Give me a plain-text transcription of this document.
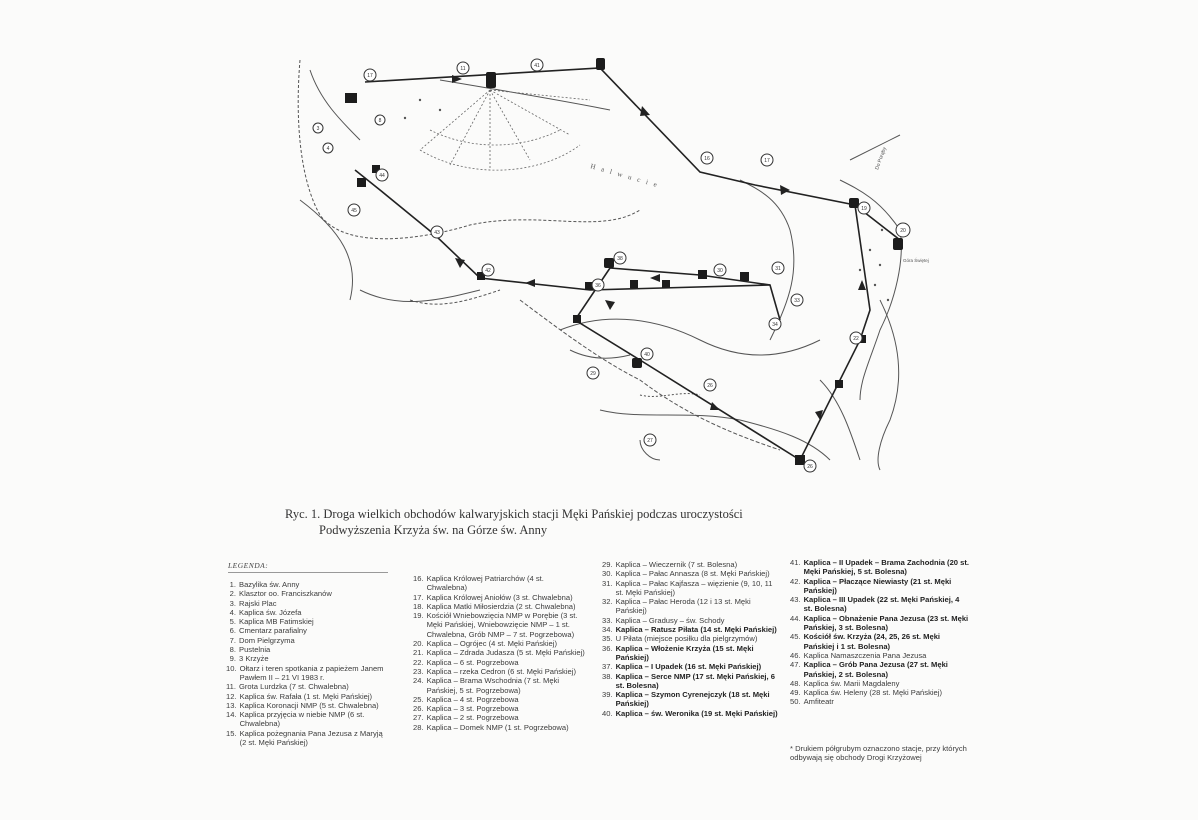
17
11	41
16	17
20
19
22
26
40
26
27
29
33
31
34
38
42
43
44
45
3
4
8
36
30
Halwucie
Do Porąby
Góra Świętej
Ryc. 1. Droga wielkich obchodów kalwaryjskich stacji Męki Pańskiej podczas uroczystości
Podwyższenia Krzyża św. na Górze św. Anny
LEGENDA:
1. Bazylika św. Anny
2. Klasztor oo. Franciszkanów
3. Rajski Plac
4. Kaplica św. Józefa
5. Kaplica MB Fatimskiej
6. Cmentarz parafialny
7. Dom Pielgrzyma
8. Pustelnia
9. 3 Krzyże
10. Ołtarz i teren spotkania z papieżem Janem Pawłem II – 21 VI 1983 r.
11. Grota Lurdzka (7 st. Chwalebna)
12. Kaplica św. Rafała (1 st. Męki Pańskiej)
13. Kaplica Koronacji NMP (5 st. Chwalebna)
14. Kaplica przyjęcia w niebie NMP (6 st. Chwalebna)
15. Kaplica pożegnania Pana Jezusa z Maryją (2 st. Męki Pańskiej)
16. Kaplica Królowej Patriarchów (4 st. Chwalebna)
17. Kaplica Królowej Aniołów (3 st. Chwalebna)
18. Kaplica Matki Miłosierdzia (2 st. Chwalebna)
19. Kościół Wniebowzięcia NMP w Porębie (3 st. Męki Pańskiej, Wniebowzięcie NMP – 1 st. Chwalebna, Grób NMP – 7 st. Pogrzebowa)
20. Kaplica – Ogrójec (4 st. Męki Pańskiej)
21. Kaplica – Zdrada Judasza (5 st. Męki Pańskiej)
22. Kaplica – 6 st. Pogrzebowa
23. Kaplica – rzeka Cedron (6 st. Męki Pańskiej)
24. Kaplica – Brama Wschodnia (7 st. Męki Pańskiej, 5 st. Pogrzebowa)
25. Kaplica – 4 st. Pogrzebowa
26. Kaplica – 3 st. Pogrzebowa
27. Kaplica – 2 st. Pogrzebowa
28. Kaplica – Domek NMP (1 st. Pogrzebowa)
29. Kaplica – Wieczernik (7 st. Bolesna)
30. Kaplica – Pałac Annasza (8 st. Męki Pańskiej)
31. Kaplica – Pałac Kajfasza – więzienie (9, 10, 11 st. Męki Pańskiej)
32. Kaplica – Pałac Heroda (12 i 13 st. Męki Pańskiej)
33. Kaplica – Gradusy – św. Schody
34. Kaplica – Ratusz Piłata (14 st. Męki Pańskiej)
35. U Piłata (miejsce posiłku dla pielgrzymów)
36. Kaplica – Włożenie Krzyża (15 st. Męki Pańskiej)
37. Kaplica – I Upadek (16 st. Męki Pańskiej)
38. Kaplica – Serce NMP (17 st. Męki Pańskiej, 6 st. Bolesna)
39. Kaplica – Szymon Cyrenejczyk (18 st. Męki Pańskiej)
40. Kaplica – św. Weronika (19 st. Męki Pańskiej)
41. Kaplica – II Upadek – Brama Zachodnia (20 st. Męki Pańskiej, 5 st. Bolesna)
42. Kaplica – Płaczące Niewiasty (21 st. Męki Pańskiej)
43. Kaplica – III Upadek (22 st. Męki Pańskiej, 4 st. Bolesna)
44. Kaplica – Obnażenie Pana Jezusa (23 st. Męki Pańskiej, 3 st. Bolesna)
45. Kościół św. Krzyża (24, 25, 26 st. Męki Pańskiej i 1 st. Bolesna)
46. Kaplica Namaszczenia Pana Jezusa
47. Kaplica – Grób Pana Jezusa (27 st. Męki Pańskiej, 2 st. Bolesna)
48. Kaplica św. Marii Magdaleny
49. Kaplica św. Heleny (28 st. Męki Pańskiej)
50. Amfiteatr
* Drukiem półgrubym oznaczono stacje, przy których odbywają się obchody Drogi Krzyżowej
